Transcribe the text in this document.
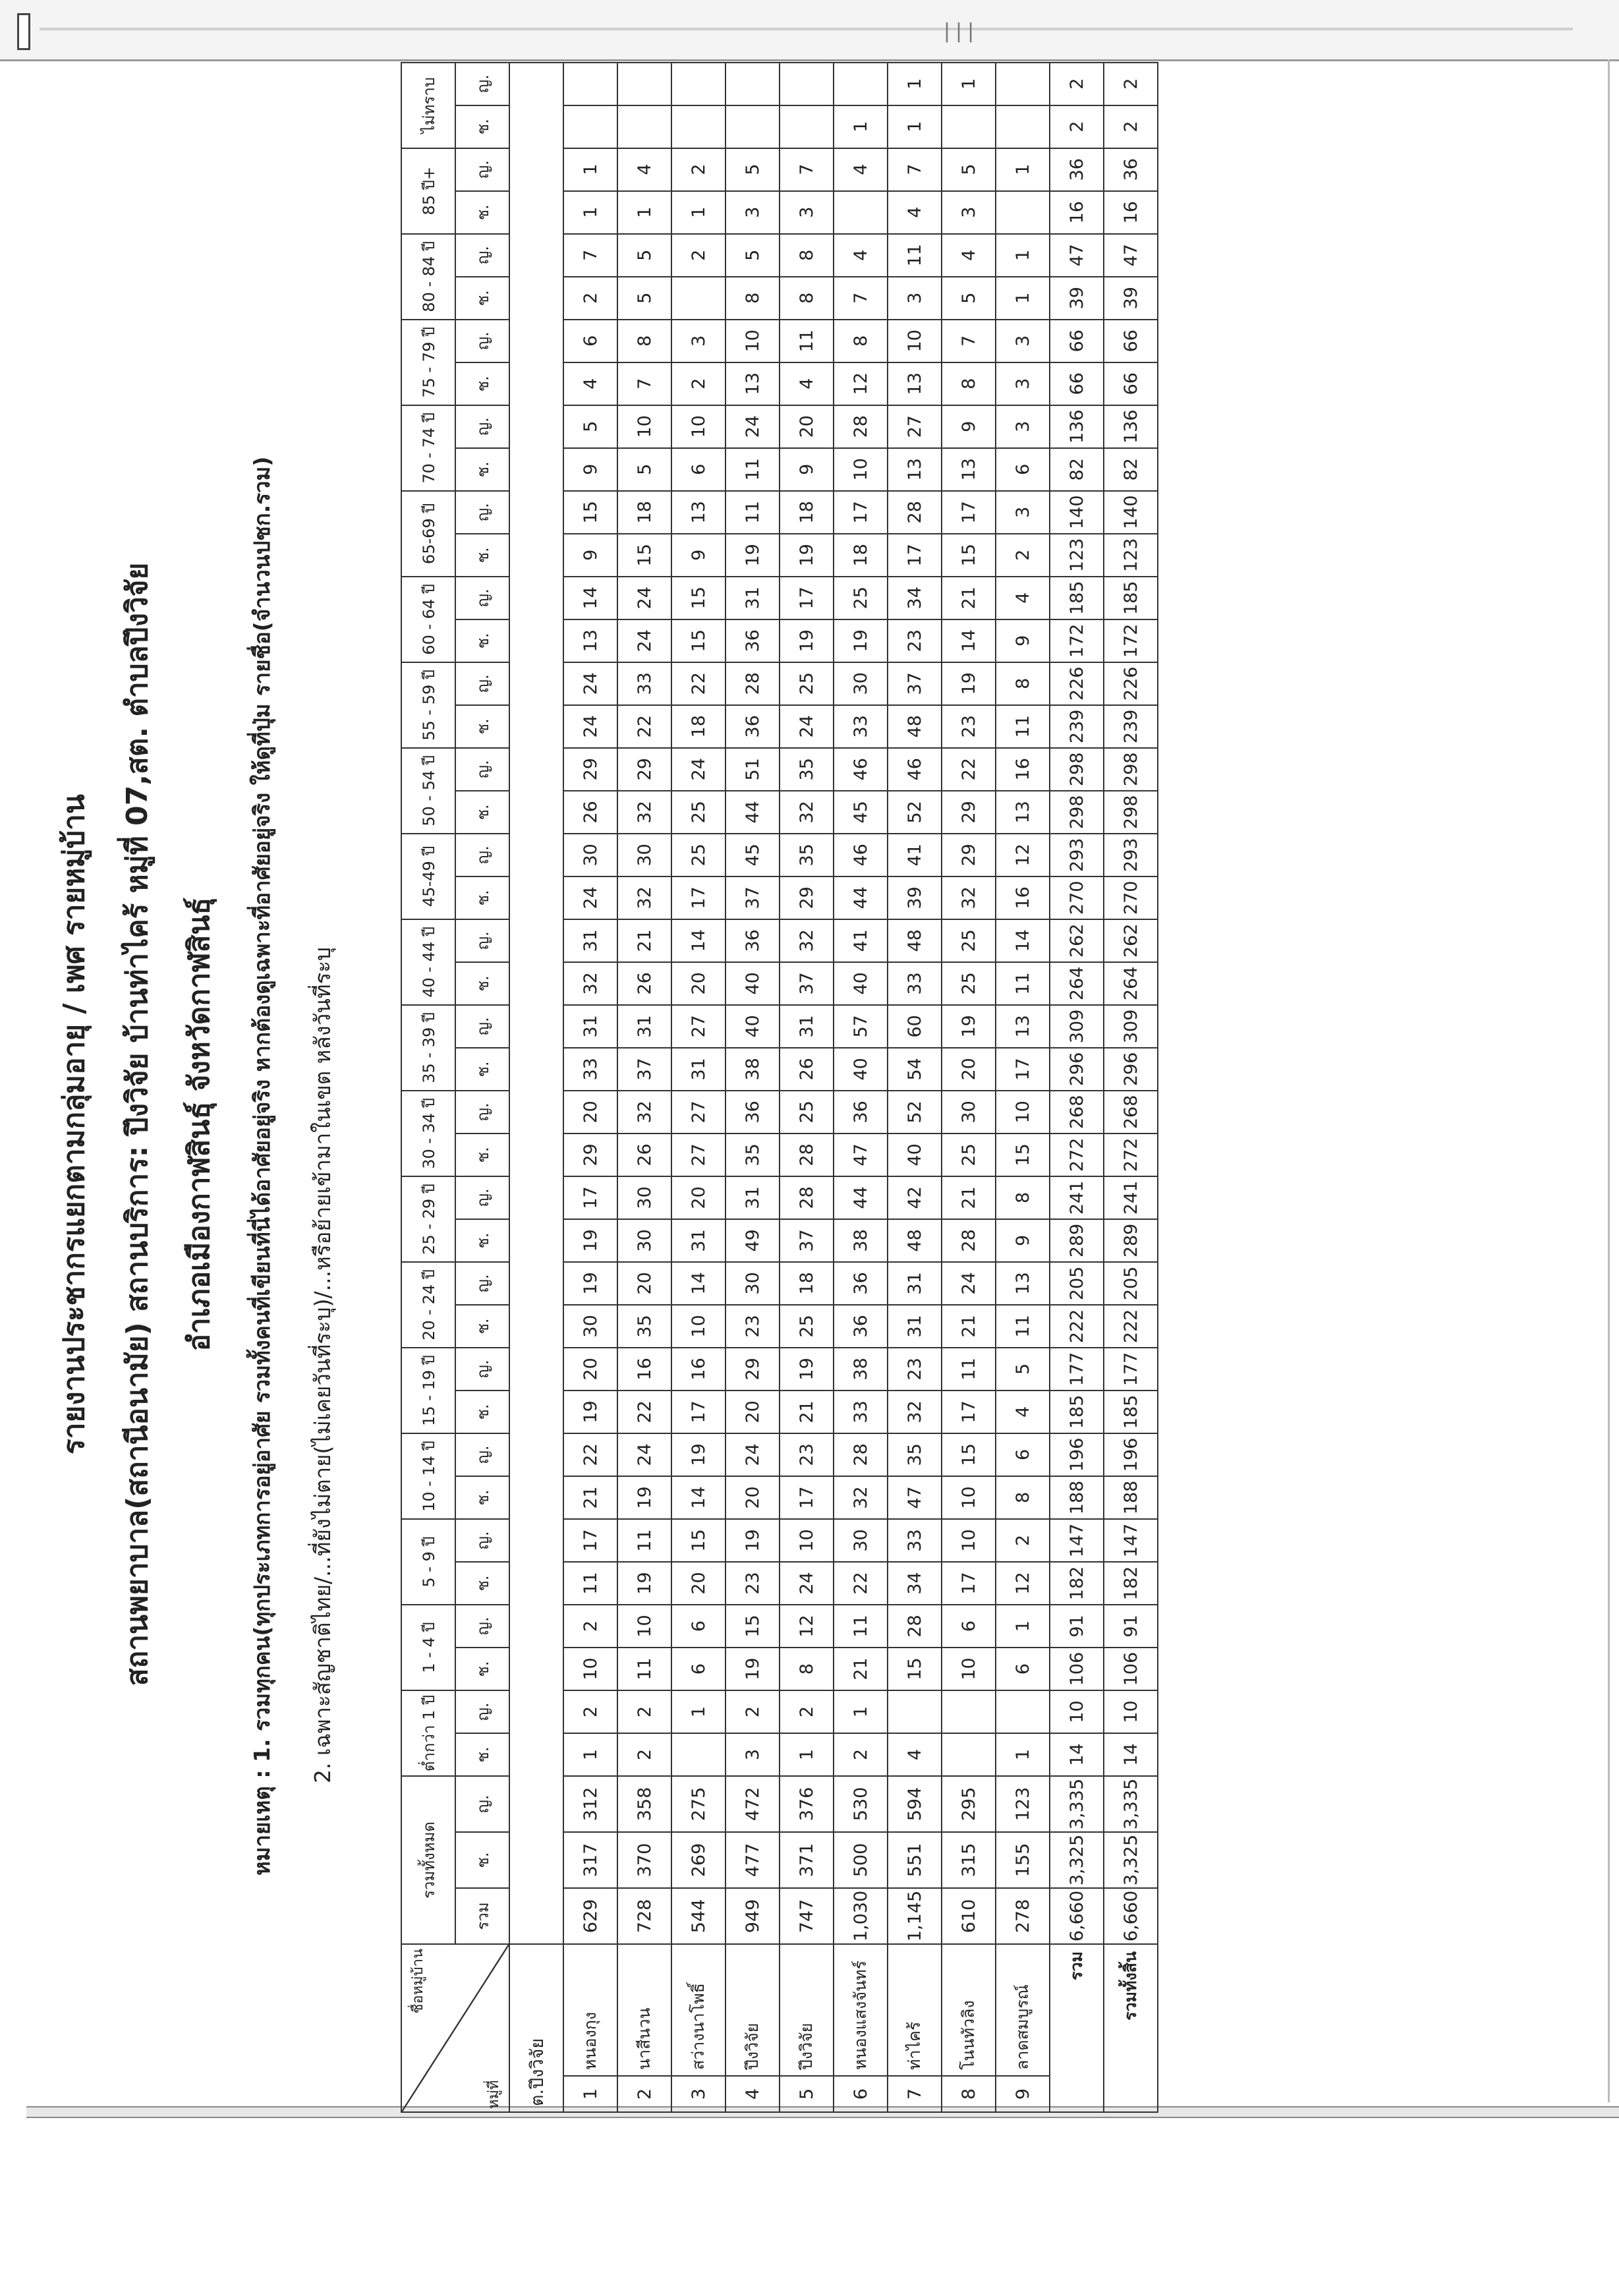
|||
รายงานประชากรแยกตามกลุ่มอายุ / เพศ รายหมู่บ้าน สถานพยาบาล(สถานีอนามัย) สถานบริการ: ปึงวิจัย บ้านท่าไคร้ หมู่ที่ 07,สต. ตำบลปึงวิจัย อำเภอเมืองกาฬสินธุ์ จังหวัดกาฬสินธุ์ หมายเหตุ : 1. รวมทุกคน(ทุกประเภทการอยู่อาศัย รวมทั้งคนที่เขียนที่นี่ได้อาศัยอยู่จริง หากต้องดูเฉพาะที่อาศัยอยู่จริง ให้ดูที่ปุ่ม รายชื่อ(จำนวนปชก.รวม) 2. เฉพาะสัญชาติไทย/...ที่ยังไม่ตาย(ไม่เคยวันที่ระบุ)/...หรือย้ายเข้ามาในเขต หลังวันที่ระบุ
หมู่ที่
ชื่อหมู่บ้าน		รวมทั้งหมด			ต่ำกว่า 1 ปี		1 - 4 ปี		5 - 9 ปี		10 - 14 ปี		15 - 19 ปี		20 - 24 ปี		25 - 29 ปี		30 - 34 ปี		35 - 39 ปี		40 - 44 ปี		45-49 ปี		50 - 54 ปี		55 - 59 ปี		60 - 64 ปี		65-69 ปี		70 - 74 ปี		75 - 79 ปี		80 - 84 ปี		85 ปี+		ไม่ทราบ	
		รวม	ช.	ญ.	ช.	ญ.	ช.	ญ.	ช.	ญ.	ช.	ญ.	ช.	ญ.	ช.	ญ.	ช.	ญ.	ช.	ญ.	ช.	ญ.	ช.	ญ.	ช.	ญ.	ช.	ญ.	ช.	ญ.	ช.	ญ.	ช.	ญ.	ช.	ญ.	ช.	ญ.	ช.	ญ.	ช.	ญ.	ช.	ญ.
ต.ปึงวิจัย																																												
1	หนองกุง	629	317	312	1	2	10	2	11	17	21	22	19	20	30	19	19	17	29	20	33	31	32	31	24	30	26	29	24	24	13	14	9	15	9	5	4	6	2	7	1	1		
2	นาสีนวน	728	370	358	2	2	11	10	19	11	19	24	22	16	35	20	30	30	26	32	37	31	26	21	32	30	32	29	22	33	24	24	15	18	5	10	7	8	5	5	1	4		
3	สว่างนาโพธิ์	544	269	275		1	6	6	20	15	14	19	17	16	10	14	31	20	27	27	31	27	20	14	17	25	25	24	18	22	15	15	9	13	6	10	2	3		2	1	2		
4	ปึงวิจัย	949	477	472	3	2	19	15	23	19	20	24	20	29	23	30	49	31	35	36	38	40	40	36	37	45	44	51	36	28	36	31	19	11	11	24	13	10	8	5	3	5		
5	ปึงวิจัย	747	371	376	1	2	8	12	24	10	17	23	21	19	25	18	37	28	28	25	26	31	37	32	29	35	32	35	24	25	19	17	19	18	9	20	4	11	8	8	3	7		
6	หนองแสงจันทร์	1,030	500	530	2	1	21	11	22	30	32	28	33	38	36	36	38	44	47	36	40	57	40	41	44	46	45	46	33	30	19	25	18	17	10	28	12	8	7	4		4	1	
7	ท่าไคร้	1,145	551	594	4		15	28	34	33	47	35	32	23	31	31	48	42	40	52	54	60	33	48	39	41	52	46	48	37	23	34	17	28	13	27	13	10	3	11	4	7	1	1
8	โนนทัวลิง	610	315	295			10	6	17	10	10	15	17	11	21	24	28	21	25	30	20	19	25	25	32	29	29	22	23	19	14	21	15	17	13	9	8	7	5	4	3	5		1
9	ลาดสมบูรณ์	278	155	123	1		6	1	12	2	8	6	4	5	11	13	9	8	15	10	17	13	11	14	16	12	13	16	11	8	9	4	2	3	6	3	3	3	1	1		1		
รวม		6,660	3,325	3,335	14	10	106	91	182	147	188	196	185	177	222	205	289	241	272	268	296	309	264	262	270	293	298	298	239	226	172	185	123	140	82	136	66	66	39	47	16	36	2	2
รวมทั้งสิ้น		6,660	3,325	3,335	14	10	106	91	182	147	188	196	185	177	222	205	289	241	272	268	296	309	264	262	270	293	298	298	239	226	172	185	123	140	82	136	66	66	39	47	16	36	2	2
